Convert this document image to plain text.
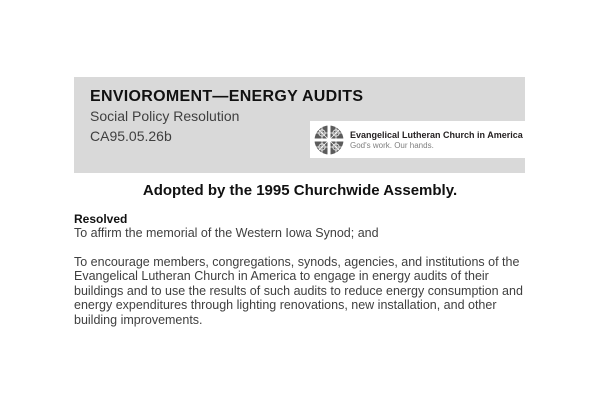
ENVIOROMENT—ENERGY AUDITS
Social Policy Resolution
CA95.05.26b	Evangelical Lutheran Church in America
God's work. Our hands.
Adopted by the 1995 Churchwide Assembly.
Resolved
To affirm the memorial of the Western Iowa Synod; and

To encourage members, congregations, synods, agencies, and institutions of the Evangelical Lutheran Church in America to engage in energy audits of their buildings and to use the results of such audits to reduce energy consumption and energy expenditures through lighting renovations, new installation, and other building improvements.
